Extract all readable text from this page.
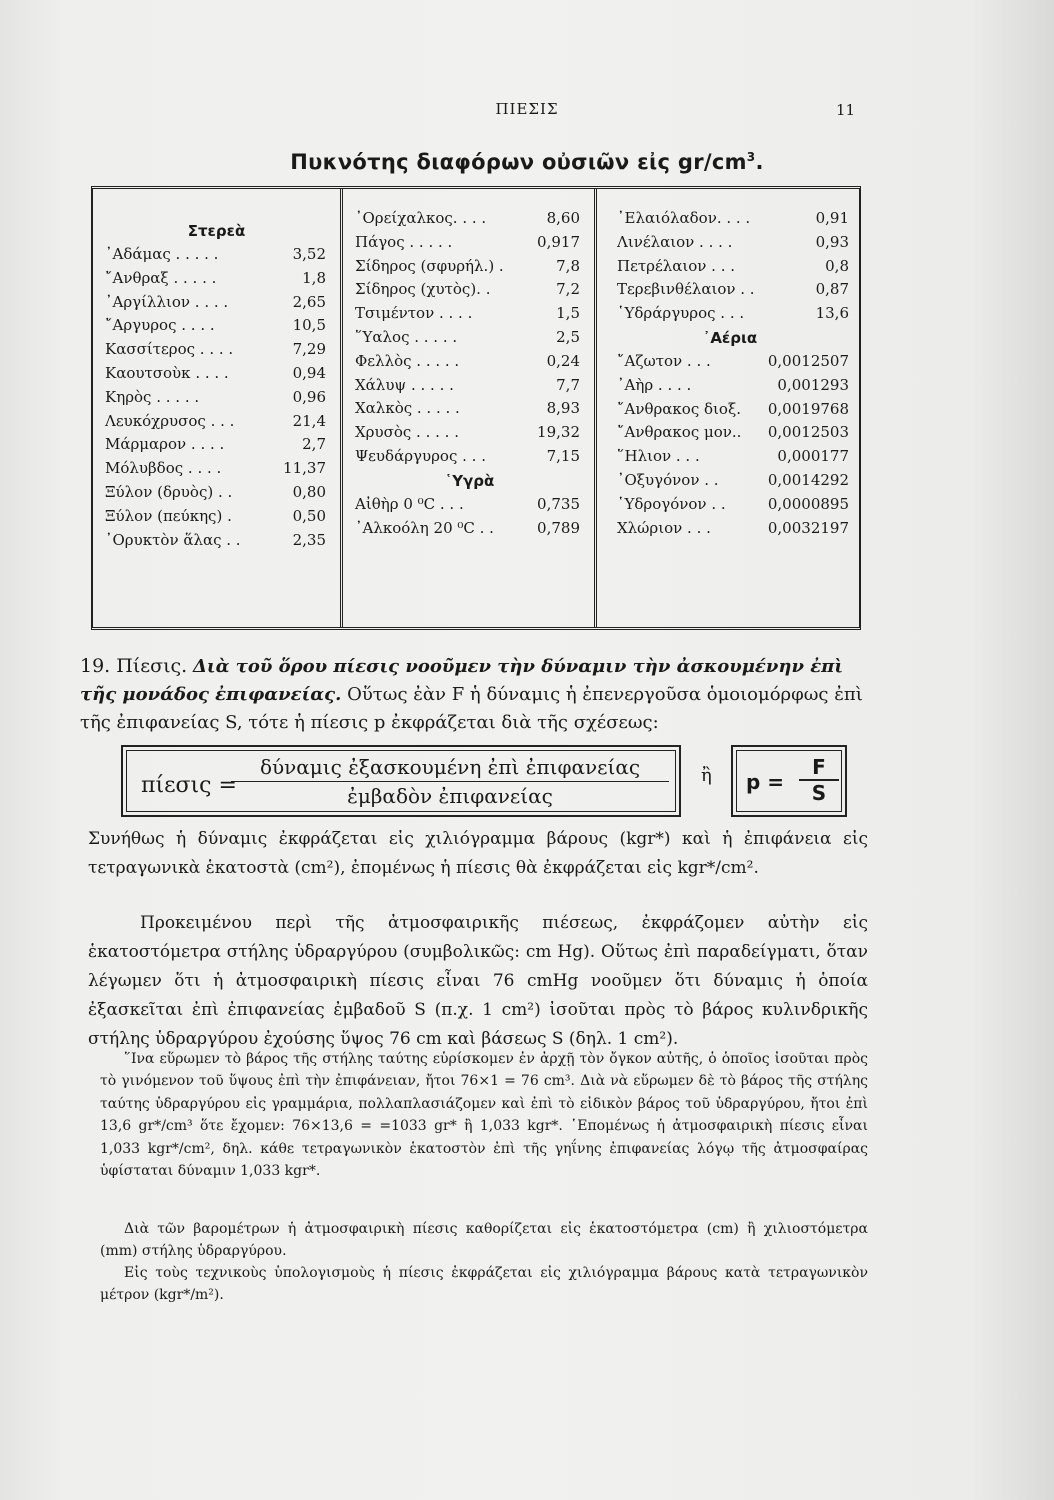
ΠΙΕΣΙΣ	11
Πυκνότης διαφόρων οὐσιῶν εἰς $gr/cm^3$.
Στερεὰ
᾿Αδάμας . . . . .	3,52
῎Ανθραξ . . . . .	1,8
᾿Αργίλλιον . . . .	2,65
῎Αργυρος . . . .	10,5
Κασσίτερος . . . .	7,29
Καουτσοὺκ . . . .	0,94
Κηρὸς . . . . .	0,96
Λευκόχρυσος . . .	21,4
Μάρμαρον . . . .	2,7
Μόλυβδος . . . .	11,37
Ξύλον (δρυὸς) . .	0,80
Ξύλον (πεύκης) .	0,50
᾿Ορυκτὸν ἅλας . .	2,35
᾿Ορείχαλκος. . . .	8,60
Πάγος . . . . .	0,917
Σίδηρος (σφυρήλ.) .	7,8
Σίδηρος (χυτὸς). .	7,2
Τσιμέντον . . . .	1,5
῞Υαλος . . . . .	2,5
Φελλὸς . . . . .	0,24
Χάλυψ . . . . .	7,7
Χαλκὸς . . . . .	8,93
Χρυσὸς . . . . .	19,32
Ψευδάργυρος . . .	7,15
῾Υγρὰ
Αἰθὴρ 0 ⁰C . . .	0,735
᾿Αλκοόλη 20 ⁰C . .	0,789
᾿Ελαιόλαδον. . . .	0,91
Λινέλαιον . . . .	0,93
Πετρέλαιον . . .	0,8
Τερεβινθέλαιον . .	0,87
῾Υδράργυρος . . .	13,6
᾿Αέρια
῎Αζωτον . . .	0,0012507
᾿Αὴρ . . . .	0,001293
῎Ανθρακος διοξ. 0,0019768
῎Ανθρακος μον.. 0,0012503
῞Ηλιον . . .	0,000177
᾿Οξυγόνον . .	0,0014292
῾Υδρογόνον . .	0,0000895
Χλώριον . . .	0,0032197
19. Πίεσις. Διὰ τοῦ ὅρου πίεσις νοοῦμεν τὴν δύναμιν τὴν ἀσκουμένην ἐπὶ τῆς μονάδος ἐπιφανείας. Οὕτως ἐὰν F ἡ δύναμις ἡ ἐπενεργοῦσα ὁμοιομόρφως ἐπὶ τῆς ἐπιφανείας S, τότε ἡ πίεσις p ἐκφράζεται διὰ τῆς σχέσεως:
πίεσις =
δύναμις ἐξασκουμένη ἐπὶ ἐπιφανείας
ἐμβαδὸν ἐπιφανείας
ἢ $p = \frac{F}{S}$
Συνήθως ἡ δύναμις ἐκφράζεται εἰς χιλιόγραμμα βάρους (kgr*) καὶ ἡ ἐπιφάνεια εἰς τετραγωνικὰ ἑκατοστὰ (cm²), ἐπομένως ἡ πίεσις θὰ ἐκφράζεται εἰς kgr*/cm².
Προκειμένου περὶ τῆς ἀτμοσφαιρικῆς πιέσεως, ἐκφράζομεν αὐτὴν εἰς ἑκατοστόμετρα στήλης ὑδραργύρου (συμβολικῶς: cm Hg). Οὕτως ἐπὶ παραδείγματι, ὅταν λέγωμεν ὅτι ἡ ἀτμοσφαιρικὴ πίεσις εἶναι 76 cmHg νοοῦμεν ὅτι δύναμις ἡ ὁποία ἐξασκεῖται ἐπὶ ἐπιφανείας ἐμβαδοῦ S (π.χ. 1 cm²) ἰσοῦται πρὸς τὸ βάρος κυλινδρικῆς στήλης ὑδραργύρου ἐχούσης ὕψος 76 cm καὶ βάσεως S (δηλ. 1 cm²).
῞Ινα εὕρωμεν τὸ βάρος τῆς στήλης ταύτης εὑρίσκομεν ἐν ἀρχῇ τὸν ὄγκον αὐτῆς, ὁ ὁποῖος ἰσοῦται πρὸς τὸ γινόμενον τοῦ ὕψους ἐπὶ τὴν ἐπιφάνειαν, ἤτοι 76×1 = 76 cm³. Διὰ νὰ εὕρωμεν δὲ τὸ βάρος τῆς στήλης ταύτης ὑδραργύρου εἰς γραμμάρια, πολλαπλασιάζομεν καὶ ἐπὶ τὸ εἰδικὸν βάρος τοῦ ὑδραργύρου, ἤτοι ἐπὶ 13,6 gr*/cm³ ὅτε ἔχομεν: 76×13,6 = =1033 gr* ἢ 1,033 kgr*. ῾Επομένως ἡ ἀτμοσφαιρικὴ πίεσις εἶναι 1,033 kgr*/cm², δηλ. κάθε τετραγωνικὸν ἑκατοστὸν ἐπὶ τῆς γηΐνης ἐπιφανείας λόγῳ τῆς ἀτμοσφαίρας ὑφίσταται δύναμιν 1,033 kgr*.
Διὰ τῶν βαρομέτρων ἡ ἀτμοσφαιρικὴ πίεσις καθορίζεται εἰς ἑκατοστόμετρα (cm) ἢ χιλιοστόμετρα (mm) στήλης ὑδραργύρου.
Εἰς τοὺς τεχνικοὺς ὑπολογισμοὺς ἡ πίεσις ἐκφράζεται εἰς χιλιόγραμμα βάρους κατὰ τετραγωνικὸν μέτρον (kgr*/m²).
